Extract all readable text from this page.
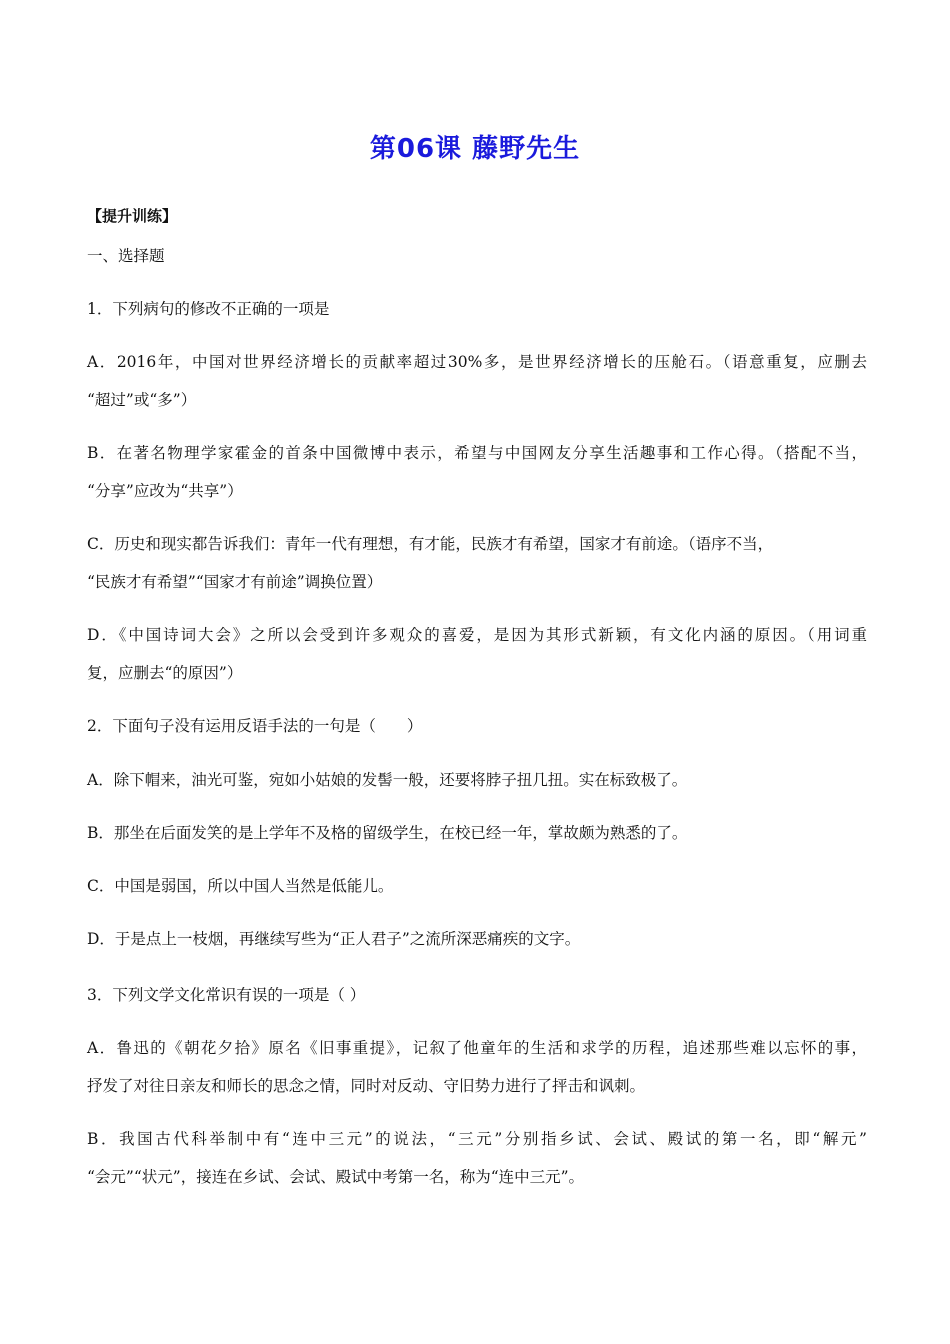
第06课 藤野先生
【提升训练】
一、选择题
1．下列病句的修改不正确的一项是
A．2016年，中国对世界经济增长的贡献率超过30%多，是世界经济增长的压舱石。（语意重复，应删去
“超过”或“多”）
B．在著名物理学家霍金的首条中国微博中表示，希望与中国网友分享生活趣事和工作心得。（搭配不当，
“分享”应改为“共享”）
C．历史和现实都告诉我们：青年一代有理想，有才能，民族才有希望，国家才有前途。（语序不当，
“民族才有希望”“国家才有前途”调换位置）
D．《中国诗词大会》之所以会受到许多观众的喜爱，是因为其形式新颖，有文化内涵的原因。（用词重
复，应删去“的原因”）
2．下面句子没有运用反语手法的一句是（　　）
A．除下帽来，油光可鉴，宛如小姑娘的发髻一般，还要将脖子扭几扭。实在标致极了。
B．那坐在后面发笑的是上学年不及格的留级学生，在校已经一年，掌故颇为熟悉的了。
C．中国是弱国，所以中国人当然是低能儿。
D．于是点上一枝烟，再继续写些为“正人君子”之流所深恶痛疾的文字。
3．下列文学文化常识有误的一项是（ ）
A．鲁迅的《朝花夕拾》原名《旧事重提》，记叙了他童年的生活和求学的历程，追述那些难以忘怀的事，
抒发了对往日亲友和师长的思念之情，同时对反动、守旧势力进行了抨击和讽刺。
B．我国古代科举制中有“连中三元”的说法，“三元”分别指乡试、会试、殿试的第一名，即“解元”
“会元”“状元”，接连在乡试、会试、殿试中考第一名，称为“连中三元”。
